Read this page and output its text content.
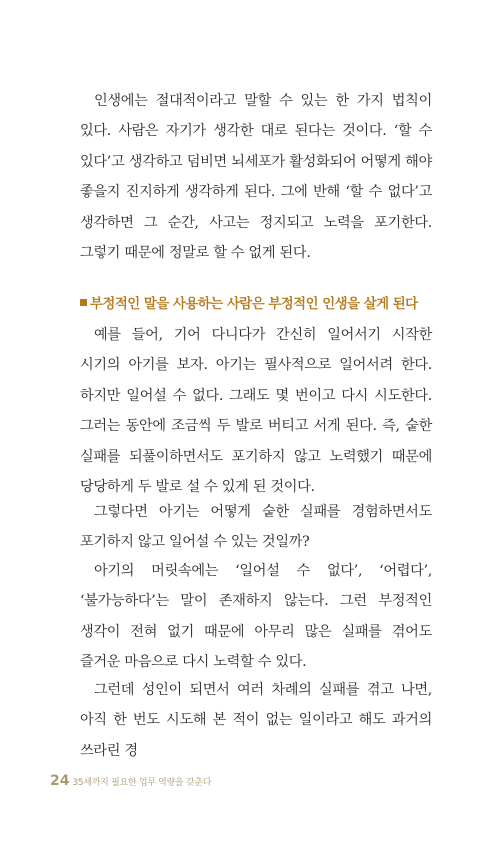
인생에는 절대적이라고 말할 수 있는 한 가지 법칙이 있다. 사람은 자기가 생각한 대로 된다는 것이다. ‘할 수 있다’고 생각하고 덤비면 뇌세포가 활성화되어 어떻게 해야 좋을지 진지하게 생각하게 된다. 그에 반해 ‘할 수 없다’고 생각하면 그 순간, 사고는 정지되고 노력을 포기한다. 그렇기 때문에 정말로 할 수 없게 된다.

부정적인 말을 사용하는 사람은 부정적인 인생을 살게 된다

예를 들어, 기어 다니다가 간신히 일어서기 시작한 시기의 아기를 보자. 아기는 필사적으로 일어서려 한다. 하지만 일어설 수 없다. 그래도 몇 번이고 다시 시도한다. 그러는 동안에 조금씩 두 발로 버티고 서게 된다. 즉, 숱한 실패를 되풀이하면서도 포기하지 않고 노력했기 때문에 당당하게 두 발로 설 수 있게 된 것이다.

그렇다면 아기는 어떻게 숱한 실패를 경험하면서도 포기하지 않고 일어설 수 있는 것일까?

아기의 머릿속에는 ‘일어설 수 없다’, ‘어렵다’, ‘불가능하다’는 말이 존재하지 않는다. 그런 부정적인 생각이 전혀 없기 때문에 아무리 많은 실패를 겪어도 즐거운 마음으로 다시 노력할 수 있다.

그런데 성인이 되면서 여러 차례의 실패를 겪고 나면, 아직 한 번도 시도해 본 적이 없는 일이라고 해도 과거의 쓰라린 경

24 35세까지 필요한 업무 역량을 갖춘다
